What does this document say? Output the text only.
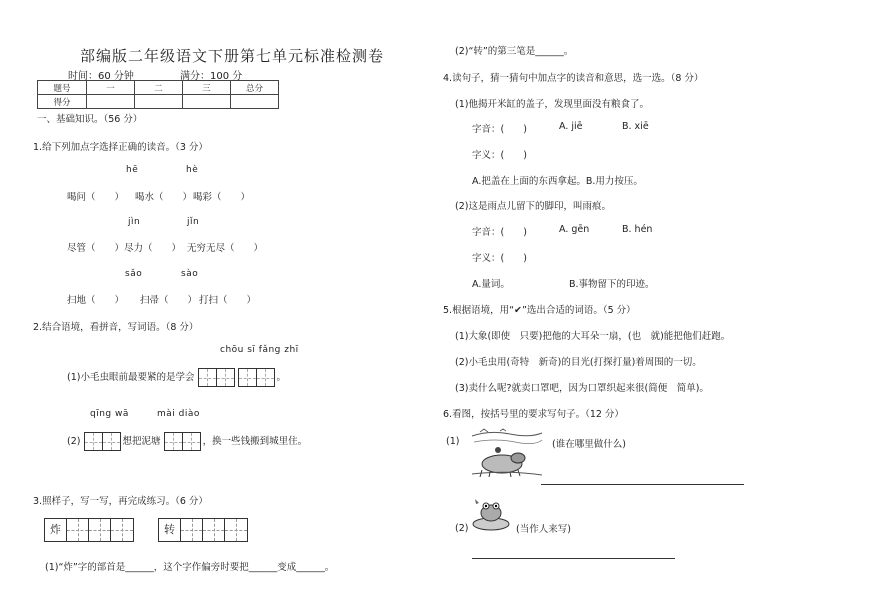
部编版二年级语文下册第七单元标准检测卷
时间：60 分钟	满分：100 分
题号	一	二	三	总分
得分				
一、基础知识。（56 分）
1.给下列加点字选择正确的读音。（3 分）
hē	hè
喝问（　　） 喝水（　　） 喝彩（　　）
jìn	jǐn
尽管（　　）尽力（　　） 无穷无尽（　　）
sǎo	sào
扫地（　　） 扫帚（　　） 打扫（　　）
2.结合语境，看拼音，写词语。（8 分）
chōu sī fǎng zhī
(1)小毛虫眼前最要紧的是学会	。
qīng wā	mài diào
(2)	想把泥塘	，换一些钱搬到城里住。
3.照样子，写一写，再完成练习。（6 分）
炸	转
(1)“炸”字的部首是______，这个字作偏旁时要把______变成______。
(2)“转”的第三笔是______。
4.读句子，猜一猜句中加点字的读音和意思，选一选。（8 分）
(1)他揭开米缸的盖子，发现里面没有粮食了。
字音：(　　)	A. jiē	B. xiē
字义：(　　)
A.把盖在上面的东西拿起。B.用力按压。
(2)这是雨点儿留下的脚印，叫雨痕。
字音：(　　)	A. gēn	B. hén
字义：(　　)
A.量词。	B.事物留下的印迹。
5.根据语境，用“✔”选出合适的词语。（5 分）
(1)大象(即使　只要)把他的大耳朵一扇，(也　就)能把他们赶跑。
(2)小毛虫用(奇特　新奇)的目光(打探打量)着周围的一切。
(3)卖什么呢?就卖口罩吧，因为口罩织起来很(简便　简单)。
6.看图，按括号里的要求写句子。（12 分）
(1)	(谁在哪里做什么)
(2)	(当作人来写)
